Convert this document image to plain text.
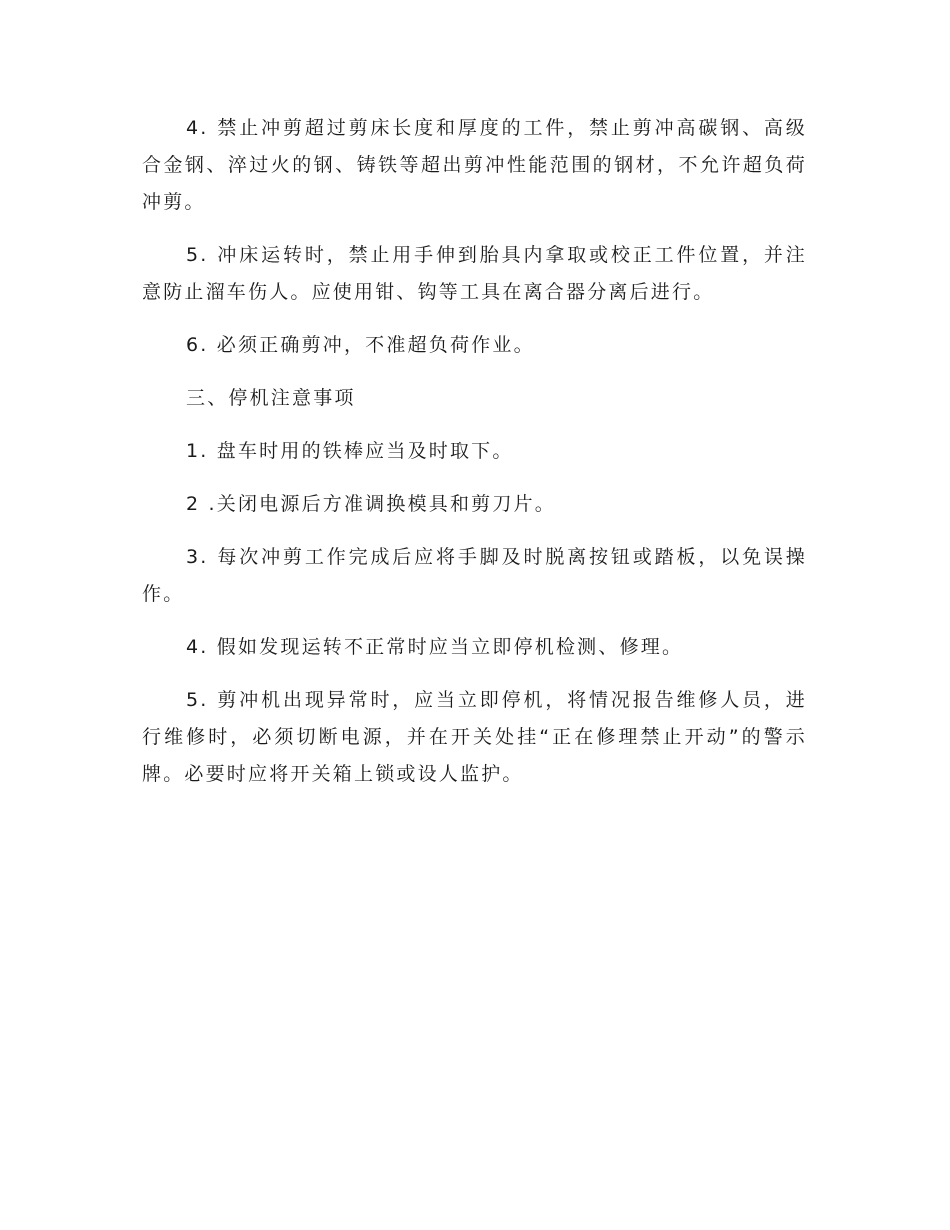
4. 禁止冲剪超过剪床长度和厚度的工件，禁止剪冲高碳钢、高级合金钢、淬过火的钢、铸铁等超出剪冲性能范围的钢材，不允许超负荷冲剪。

5. 冲床运转时，禁止用手伸到胎具内拿取或校正工件位置，并注意防止溜车伤人。应使用钳、钩等工具在离合器分离后进行。

6. 必须正确剪冲，不准超负荷作业。

三、停机注意事项

1. 盘车时用的铁棒应当及时取下。

2 .关闭电源后方准调换模具和剪刀片。

3. 每次冲剪工作完成后应将手脚及时脱离按钮或踏板，以免误操作。

4. 假如发现运转不正常时应当立即停机检测、修理。

5. 剪冲机出现异常时，应当立即停机，将情况报告维修人员，进行维修时，必须切断电源，并在开关处挂“正在修理禁止开动”的警示牌。必要时应将开关箱上锁或设人监护。
